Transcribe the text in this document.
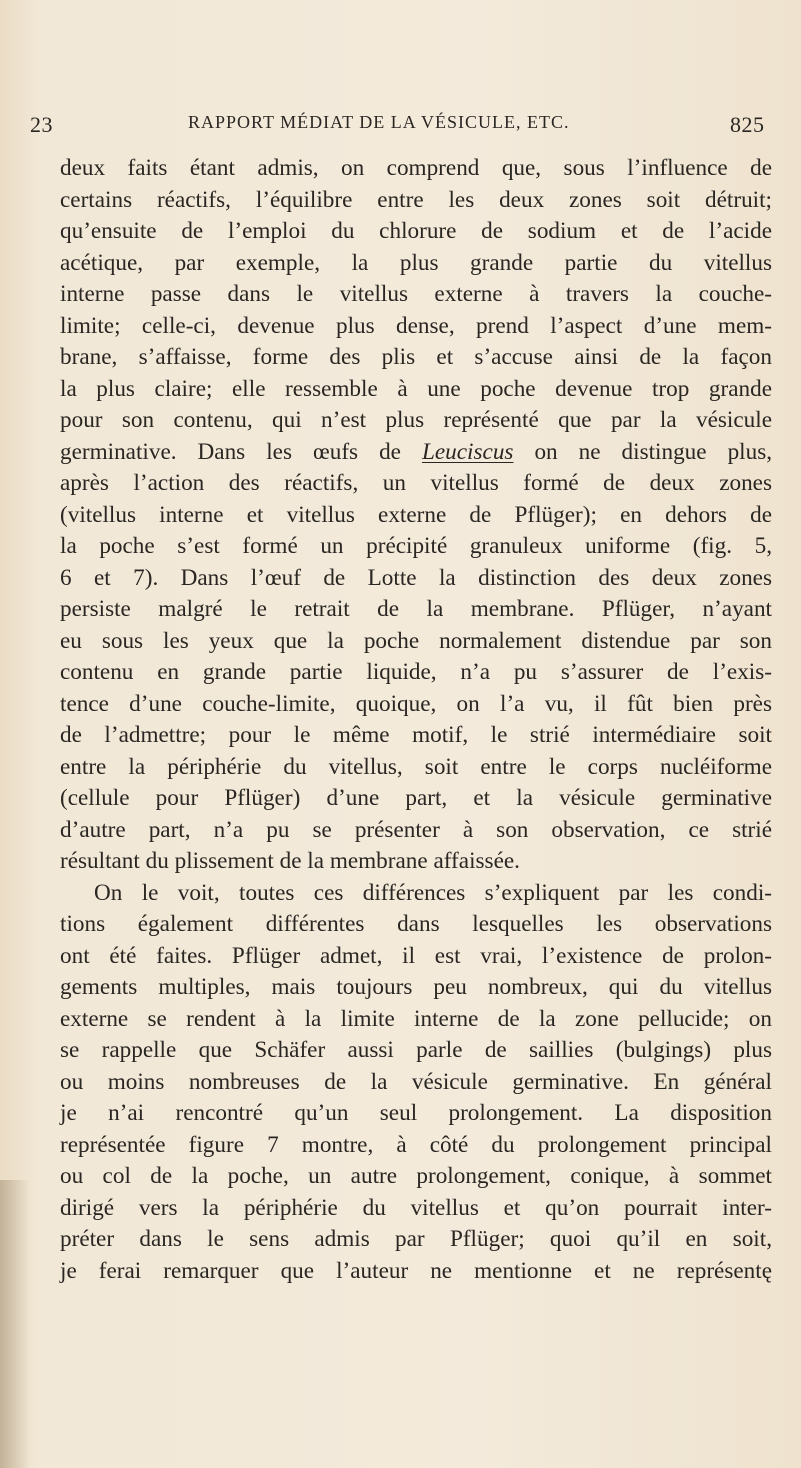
23	RAPPORT MÉDIAT DE LA VÉSICULE, ETC.	825

deux faits étant admis, on comprend que, sous l’influence de
certains réactifs, l’équilibre entre les deux zones soit détruit;
qu’ensuite de l’emploi du chlorure de sodium et de l’acide
acétique, par exemple, la plus grande partie du vitellus
interne passe dans le vitellus externe à travers la couche-
limite; celle-ci, devenue plus dense, prend l’aspect d’une mem-
brane, s’affaisse, forme des plis et s’accuse ainsi de la façon
la plus claire; elle ressemble à une poche devenue trop grande
pour son contenu, qui n’est plus représenté que par la vésicule
germinative. Dans les œufs de Leuciscus on ne distingue plus,
après l’action des réactifs, un vitellus formé de deux zones
(vitellus interne et vitellus externe de Pflüger); en dehors de
la poche s’est formé un précipité granuleux uniforme (fig. 5,
6 et 7). Dans l’œuf de Lotte la distinction des deux zones
persiste malgré le retrait de la membrane. Pflüger, n’ayant
eu sous les yeux que la poche normalement distendue par son
contenu en grande partie liquide, n’a pu s’assurer de l’exis-
tence d’une couche-limite, quoique, on l’a vu, il fût bien près
de l’admettre; pour le même motif, le strié intermédiaire soit
entre la périphérie du vitellus, soit entre le corps nucléiforme
(cellule pour Pflüger) d’une part, et la vésicule germinative
d’autre part, n’a pu se présenter à son observation, ce strié
résultant du plissement de la membrane affaissée.

On le voit, toutes ces différences s’expliquent par les condi-
tions également différentes dans lesquelles les observations
ont été faites. Pflüger admet, il est vrai, l’existence de prolon-
gements multiples, mais toujours peu nombreux, qui du vitellus
externe se rendent à la limite interne de la zone pellucide; on
se rappelle que Schäfer aussi parle de saillies (bulgings) plus
ou moins nombreuses de la vésicule germinative. En général
je n’ai rencontré qu’un seul prolongement. La disposition
représentée figure 7 montre, à côté du prolongement principal
ou col de la poche, un autre prolongement, conique, à sommet
dirigé vers la périphérie du vitellus et qu’on pourrait inter-
préter dans le sens admis par Pflüger; quoi qu’il en soit,
je ferai remarquer que l’auteur ne mentionne et ne représentę
